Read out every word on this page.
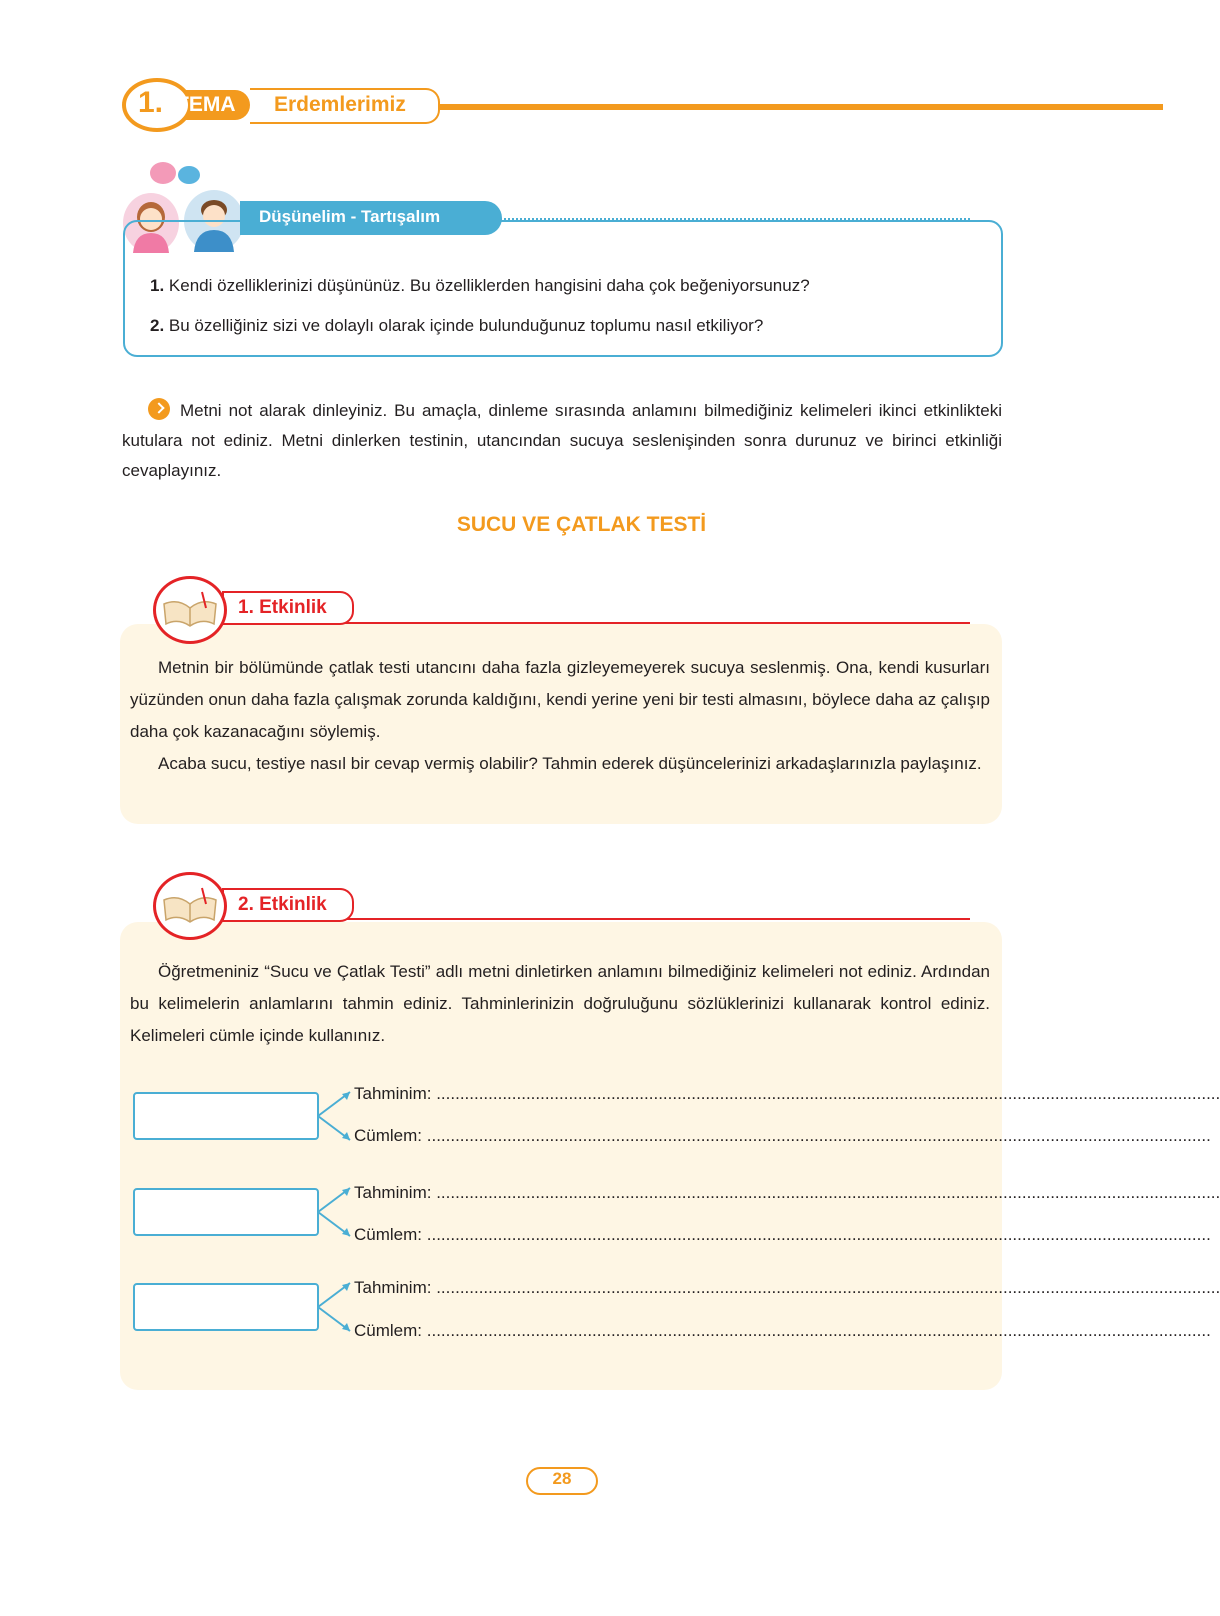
1. TEMA Erdemlerimiz
Düşünelim - Tartışalım
1. Kendi özelliklerinizi düşününüz. Bu özelliklerden hangisini daha çok beğeniyorsunuz?
2. Bu özelliğiniz sizi ve dolaylı olarak içinde bulunduğunuz toplumu nasıl etkiliyor?
Metni not alarak dinleyiniz. Bu amaçla, dinleme sırasında anlamını bilmediğiniz kelimeleri ikinci etkinlikteki kutulara not ediniz. Metni dinlerken testinin, utancından sucuya seslenişinden sonra durunuz ve birinci etkinliği cevaplayınız.
SUCU VE ÇATLAK TESTİ
1. Etkinlik

Metnin bir bölümünde çatlak testi utancını daha fazla gizleyemeyerek sucuya seslenmiş. Ona, kendi kusurları yüzünden onun daha fazla çalışmak zorunda kaldığını, kendi yerine yeni bir testi almasını, böylece daha az çalışıp daha çok kazanacağını söylemiş.

Acaba sucu, testiye nasıl bir cevap vermiş olabilir? Tahmin ederek düşüncelerinizi arkadaşlarınızla paylaşınız.

2. Etkinlik

Öğretmeniniz “Sucu ve Çatlak Testi” adlı metni dinletirken anlamını bilmediğiniz kelimeleri not ediniz. Ardından bu kelimelerin anlamlarını tahmin ediniz. Tahminlerinizin doğruluğunu sözlüklerinizi kullanarak kontrol ediniz. Kelimeleri cümle içinde kullanınız.

Tahminim: ......................................................................................................................................................................
Cümlem: ......................................................................................................................................................................
Tahminim: ......................................................................................................................................................................
Cümlem: ......................................................................................................................................................................
Tahminim: ......................................................................................................................................................................
Cümlem: ......................................................................................................................................................................
28
